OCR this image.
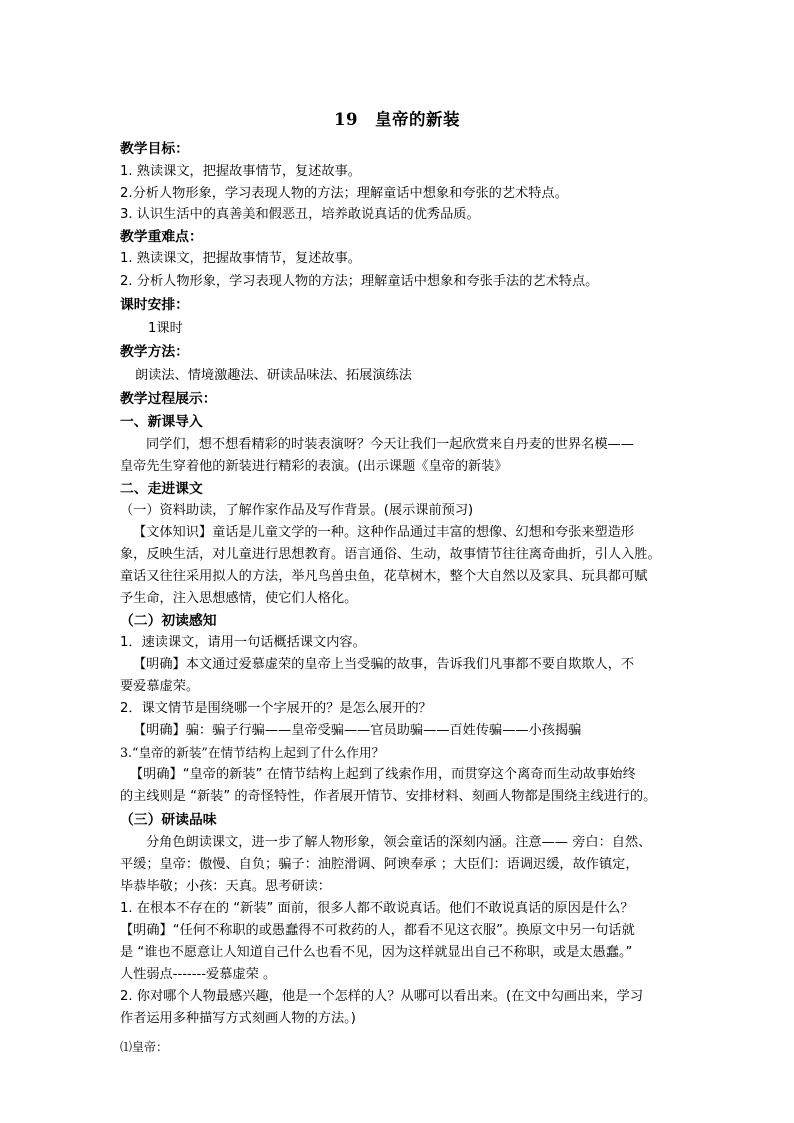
19　皇帝的新装
教学目标：
1. 熟读课文，把握故事情节，复述故事。
2.分析人物形象，学习表现人物的方法；理解童话中想象和夸张的艺术特点。
3. 认识生活中的真善美和假恶丑，培养敢说真话的优秀品质。
教学重难点：
1. 熟读课文，把握故事情节，复述故事。
2. 分析人物形象，学习表现人物的方法；理解童话中想象和夸张手法的艺术特点。
课时安排：
1课时
教学方法：
朗读法、情境激趣法、研读品味法、拓展演练法
教学过程展示：
一、新课导入
同学们，想不想看精彩的时装表演呀？今天让我们一起欣赏来自丹麦的世界名模——
皇帝先生穿着他的新装进行精彩的表演。(出示课题《皇帝的新装》
二、走进课文
（一）资料助读，了解作家作品及写作背景。(展示课前预习)
【文体知识】童话是儿童文学的一种。这种作品通过丰富的想像、幻想和夸张来塑造形
象，反映生活，对儿童进行思想教育。语言通俗、生动，故事情节往往离奇曲折，引人入胜。
童话又往往采用拟人的方法，举凡鸟兽虫鱼，花草树木，整个大自然以及家具、玩具都可赋
予生命，注入思想感情，使它们人格化。
（二）初读感知
1．速读课文，请用一句话概括课文内容。
【明确】本文通过爱慕虚荣的皇帝上当受骗的故事，告诉我们凡事都不要自欺欺人，不
要爱慕虚荣。
2．课文情节是围绕哪一个字展开的？是怎么展开的？
【明确】骗：骗子行骗——皇帝受骗——官员助骗——百姓传骗——小孩揭骗
3.“皇帝的新装”在情节结构上起到了什么作用？
【明确】“皇帝的新装” 在情节结构上起到了线索作用，而贯穿这个离奇而生动故事始终
的主线则是 “新装” 的奇怪特性，作者展开情节、安排材料、刻画人物都是围绕主线进行的。
（三）研读品味
分角色朗读课文，进一步了解人物形象，领会童话的深刻内涵。注意—— 旁白：自然、
平缓；皇帝：傲慢、自负；骗子：油腔滑调、阿谀奉承 ；大臣们：语调迟缓，故作镇定，
毕恭毕敬；小孩：天真。思考研读：
1. 在根本不存在的 “新装” 面前，很多人都不敢说真话。他们不敢说真话的原因是什么？
【明确】“任何不称职的或愚蠢得不可救药的人，都看不见这衣服”。换原文中另一句话就
是 “谁也不愿意让人知道自己什么也看不见，因为这样就显出自己不称职，或是太愚蠢。”
人性弱点-------爱慕虚荣 。
2. 你对哪个人物最感兴趣，他是一个怎样的人？从哪可以看出来。(在文中勾画出来，学习
作者运用多种描写方式刻画人物的方法。)
⑴皇帝：
